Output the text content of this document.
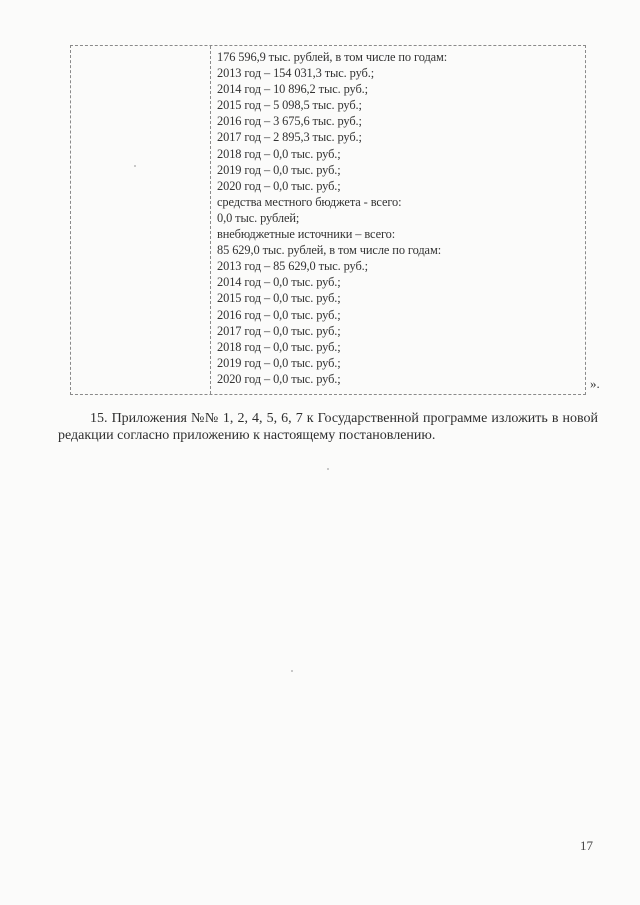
176 596,9 тыс. рублей, в том числе по годам:
2013 год – 154 031,3 тыс. руб.;
2014 год – 10 896,2 тыс. руб.;
2015 год – 5 098,5 тыс. руб.;
2016 год – 3 675,6 тыс. руб.;
2017 год – 2 895,3 тыс. руб.;
2018 год – 0,0 тыс. руб.;
2019 год – 0,0 тыс. руб.;
2020 год – 0,0 тыс. руб.;
средства местного бюджета - всего:
0,0 тыс. рублей;
внебюджетные источники – всего:
85 629,0 тыс. рублей, в том числе по годам:
2013 год – 85 629,0 тыс. руб.;
2014 год – 0,0 тыс. руб.;
2015 год – 0,0 тыс. руб.;
2016 год – 0,0 тыс. руб.;
2017 год – 0,0 тыс. руб.;
2018 год – 0,0 тыс. руб.;
2019 год – 0,0 тыс. руб.;
2020 год – 0,0 тыс. руб.;	».

15. Приложения №№ 1, 2, 4, 5, 6, 7 к Государственной программе изложить в новой редакции согласно приложению к настоящему постановлению.

17
